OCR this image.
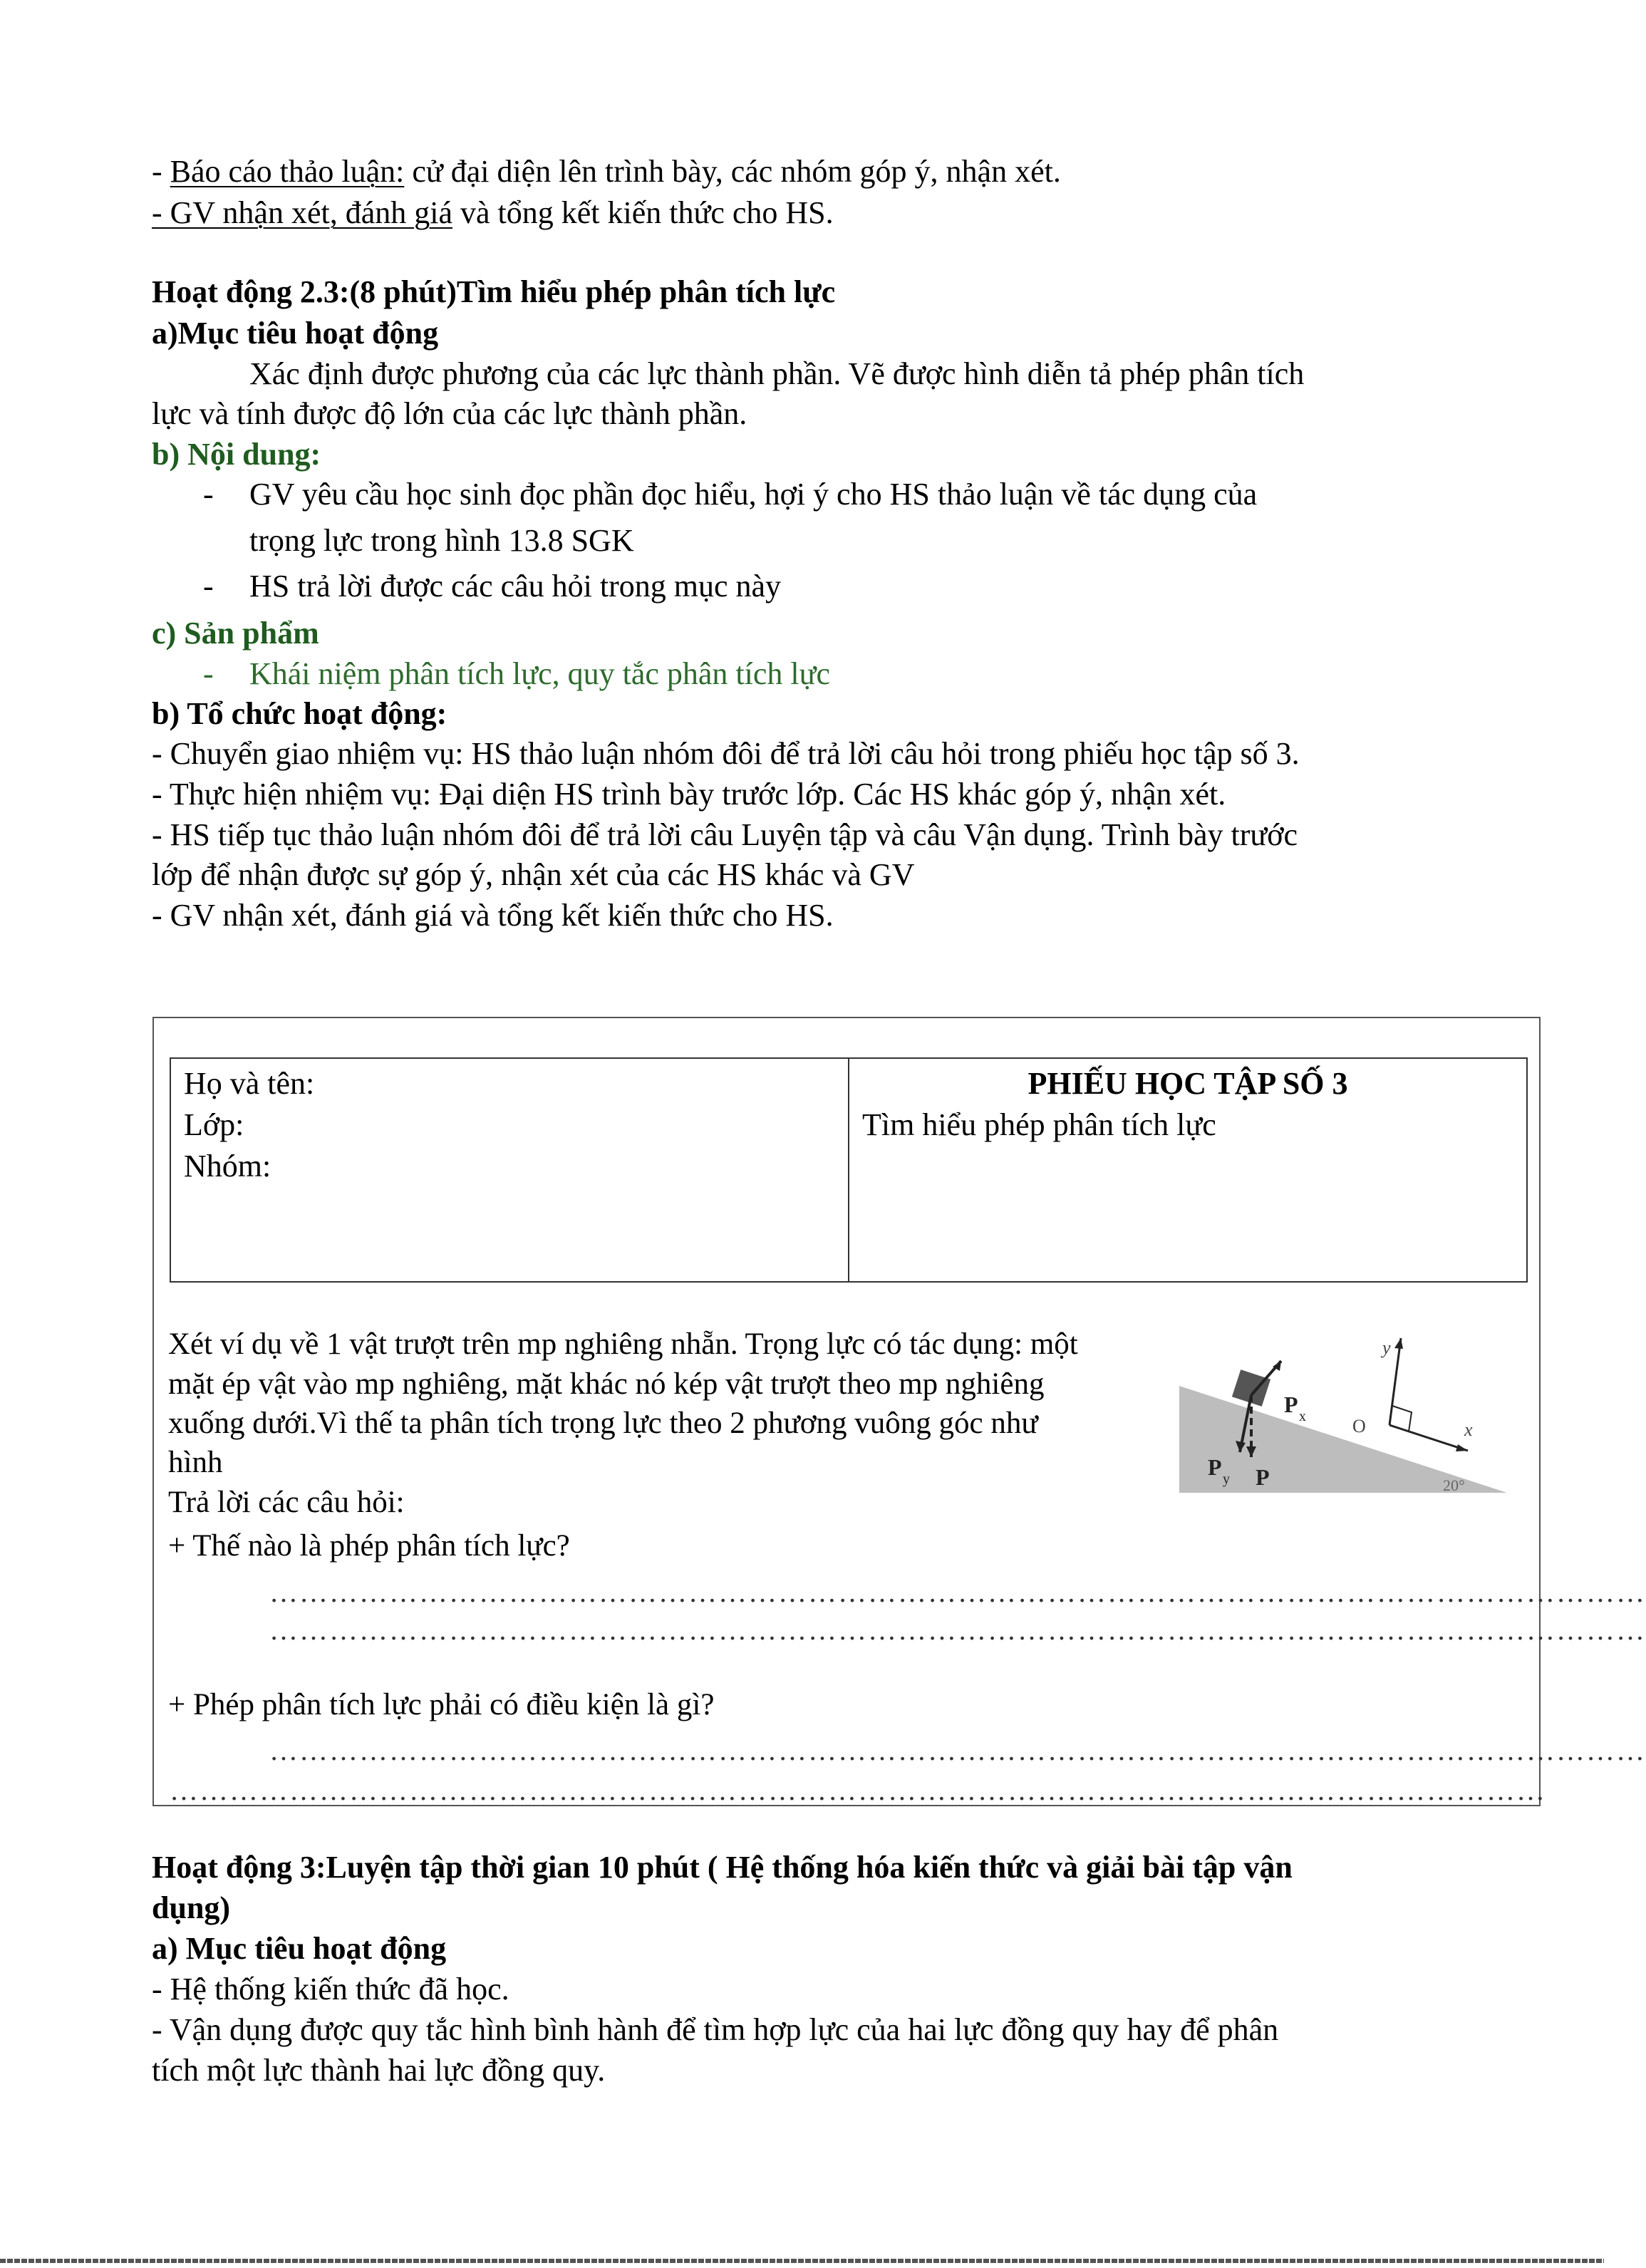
- Báo cáo thảo luận: cử đại diện lên trình bày, các nhóm góp ý, nhận xét.
- GV nhận xét, đánh giá và tổng kết kiến thức cho HS.
Hoạt động 2.3:(8 phút)Tìm hiểu phép phân tích lực
a)Mục tiêu hoạt động
Xác định được phương của các lực thành phần. Vẽ được hình diễn tả phép phân tích
lực và tính được độ lớn của các lực thành phần.
b) Nội dung:
- GV yêu cầu học sinh đọc phần đọc hiểu, hợi ý cho HS thảo luận về tác dụng của
trọng lực trong hình 13.8 SGK
- HS trả lời được các câu hỏi trong mục này
c) Sản phẩm
- Khái niệm phân tích lực, quy tắc phân tích lực
b) Tổ chức hoạt động:
- Chuyển giao nhiệm vụ: HS thảo luận nhóm đôi để trả lời câu hỏi trong phiếu học tập số 3.
- Thực hiện nhiệm vụ: Đại diện HS trình bày trước lớp. Các HS khác góp ý, nhận xét.
- HS tiếp tục thảo luận nhóm đôi để trả lời câu Luyện tập và câu Vận dụng. Trình bày trước
lớp để nhận được sự góp ý, nhận xét của các HS khác và GV
- GV nhận xét, đánh giá và tổng kết kiến thức cho HS.
Họ và tên:
Lớp:
Nhóm:
PHIẾU HỌC TẬP SỐ 3
Tìm hiểu phép phân tích lực
Xét ví dụ về 1 vật trượt trên mp nghiêng nhẵn. Trọng lực có tác dụng: một
mặt ép vật vào mp nghiêng, mặt khác nó kép vật trượt theo mp nghiêng
xuống dưới.Vì thế ta phân tích trọng lực theo 2 phương vuông góc như
hình
Trả lời các câu hỏi:
+ Thế nào là phép phân tích lực?
y
x
O
P x
P y P	20°
…………………………………………………………………………………………………………………………
…………………………………………………………………………………………………………………………
+ Phép phân tích lực phải có điều kiện là gì?
…………………………………………………………………………………………………………………………
…………………………………………………………………………………………………………………………
Hoạt động 3:Luyện tập thời gian 10 phút ( Hệ thống hóa kiến thức và giải bài tập vận
dụng)
a) Mục tiêu hoạt động
- Hệ thống kiến thức đã học.
- Vận dụng được quy tắc hình bình hành để tìm hợp lực của hai lực đồng quy hay để phân
tích một lực thành hai lực đồng quy.
